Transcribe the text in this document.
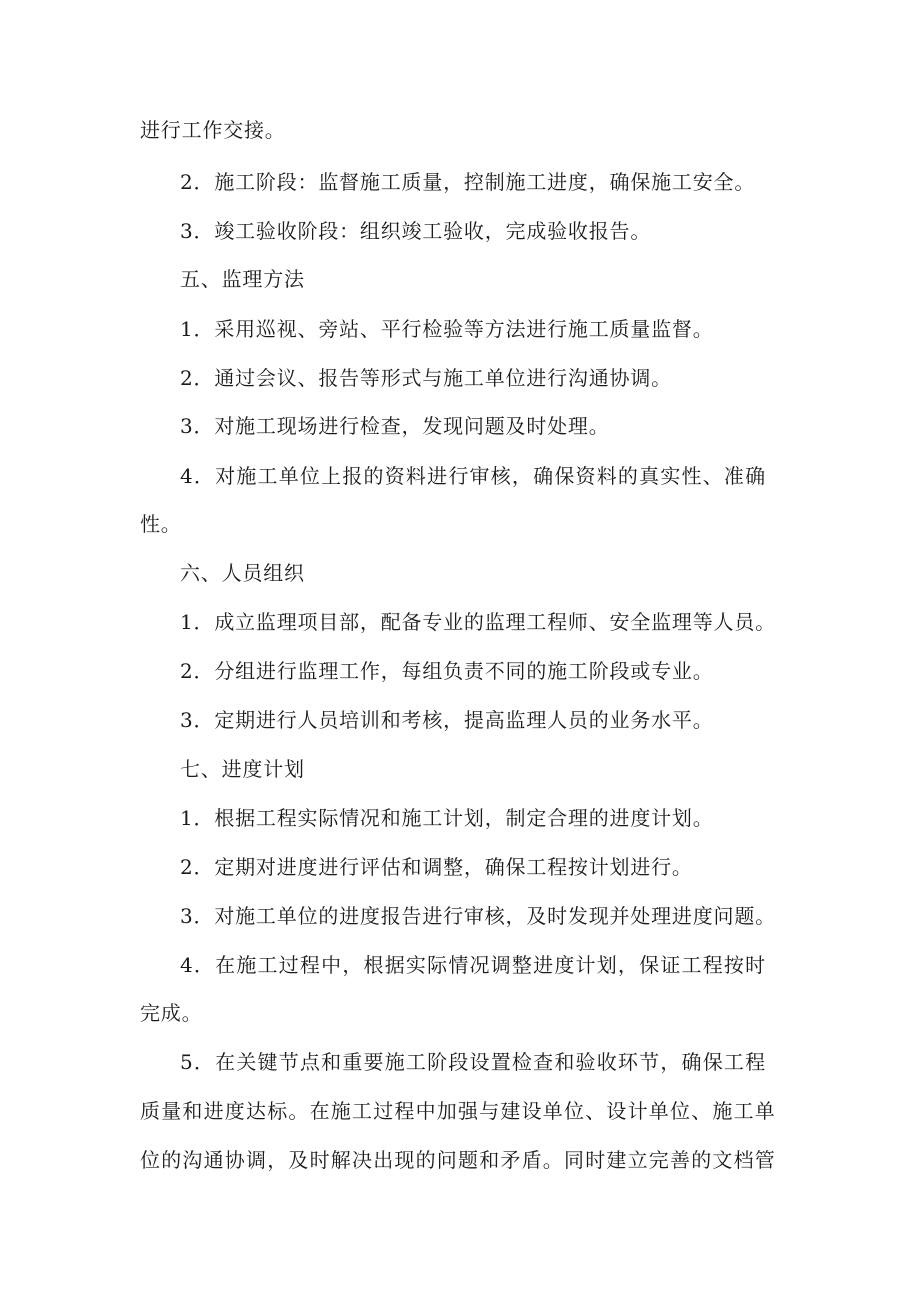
进行工作交接。
2．施工阶段：监督施工质量，控制施工进度，确保施工安全。
3．竣工验收阶段：组织竣工验收，完成验收报告。
五、监理方法
1．采用巡视、旁站、平行检验等方法进行施工质量监督。
2．通过会议、报告等形式与施工单位进行沟通协调。
3．对施工现场进行检查，发现问题及时处理。
4．对施工单位上报的资料进行审核，确保资料的真实性、准确
性。
六、人员组织
1．成立监理项目部，配备专业的监理工程师、安全监理等人员。
2．分组进行监理工作，每组负责不同的施工阶段或专业。
3．定期进行人员培训和考核，提高监理人员的业务水平。
七、进度计划
1．根据工程实际情况和施工计划，制定合理的进度计划。
2．定期对进度进行评估和调整，确保工程按计划进行。
3．对施工单位的进度报告进行审核，及时发现并处理进度问题。
4．在施工过程中，根据实际情况调整进度计划，保证工程按时
完成。
5．在关键节点和重要施工阶段设置检查和验收环节，确保工程
质量和进度达标。在施工过程中加强与建设单位、设计单位、施工单
位的沟通协调，及时解决出现的问题和矛盾。同时建立完善的文档管
